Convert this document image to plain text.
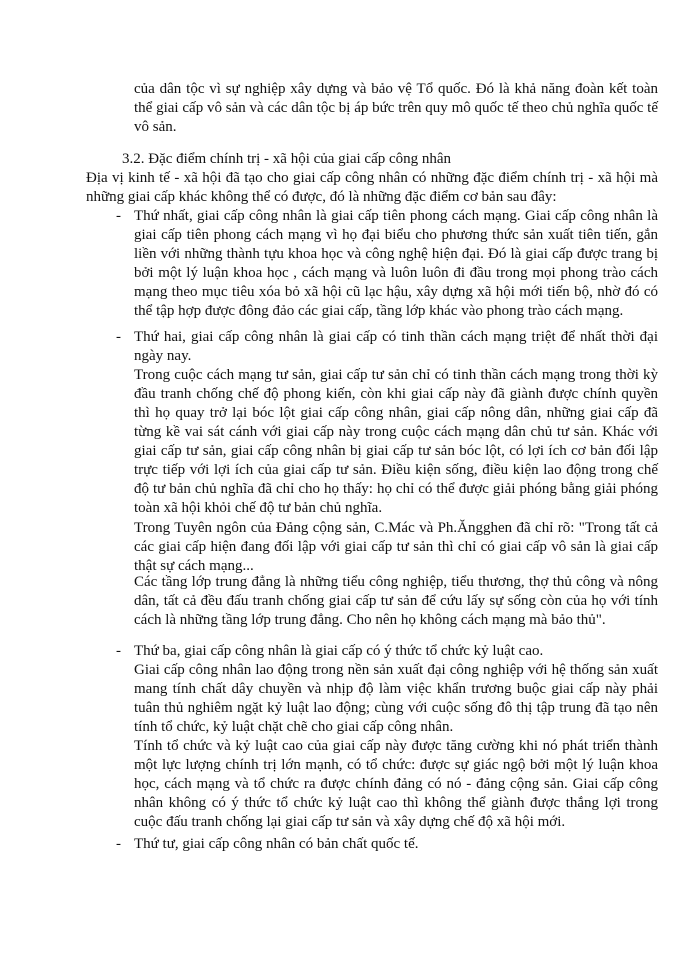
của dân tộc vì sự nghiệp xây dựng và bảo vệ Tổ quốc. Đó là khả năng đoàn kết toàn thể giai cấp vô sản và các dân tộc bị áp bức trên quy mô quốc tế theo chủ nghĩa quốc tế vô sản.

3.2. Đặc điểm chính trị - xã hội của giai cấp công nhân

Địa vị kinh tế - xã hội đã tạo cho giai cấp công nhân có những đặc điểm chính trị - xã hội mà những giai cấp khác không thể có được, đó là những đặc điểm cơ bản sau đây:

- Thứ nhất, giai cấp công nhân là giai cấp tiên phong cách mạng. Giai cấp công nhân là giai cấp tiên phong cách mạng vì họ đại biểu cho phương thức sản xuất tiên tiến, gắn liền với những thành tựu khoa học và công nghệ hiện đại. Đó là giai cấp được trang bị bởi một lý luận khoa học , cách mạng và luôn luôn đi đầu trong mọi phong trào cách mạng theo mục tiêu xóa bỏ xã hội cũ lạc hậu, xây dựng xã hội mới tiến bộ, nhờ đó có thể tập hợp được đông đảo các giai cấp, tầng lớp khác vào phong trào cách mạng.
- Thứ hai, giai cấp công nhân là giai cấp có tinh thần cách mạng triệt để nhất thời đại ngày nay.

Trong cuộc cách mạng tư sản, giai cấp tư sản chỉ có tinh thần cách mạng trong thời kỳ đầu tranh chống chế độ phong kiến, còn khi giai cấp này đã giành được chính quyền thì họ quay trở lại bóc lột giai cấp công nhân, giai cấp nông dân, những giai cấp đã từng kề vai sát cánh với giai cấp này trong cuộc cách mạng dân chủ tư sản. Khác với giai cấp tư sản, giai cấp công nhân bị giai cấp tư sản bóc lột, có lợi ích cơ bản đối lập trực tiếp với lợi ích của giai cấp tư sản. Điều kiện sống, điều kiện lao động trong chế độ tư bản chủ nghĩa đã chỉ cho họ thấy: họ chỉ có thể được giải phóng bằng giải phóng toàn xã hội khỏi chế độ tư bản chủ nghĩa.

Trong Tuyên ngôn của Đảng cộng sản, C.Mác và Ph.Ăngghen đã chỉ rõ: "Trong tất cả các giai cấp hiện đang đối lập với giai cấp tư sản thì chỉ có giai cấp vô sản là giai cấp thật sự cách mạng...

Các tầng lớp trung đẳng là những tiểu công nghiệp, tiểu thương, thợ thủ công và nông dân, tất cả đều đấu tranh chống giai cấp tư sản để cứu lấy sự sống còn của họ với tính cách là những tầng lớp trung đẳng. Cho nên họ không cách mạng mà bảo thủ".

- Thứ ba, giai cấp công nhân là giai cấp có ý thức tổ chức kỷ luật cao.

Giai cấp công nhân lao động trong nền sản xuất đại công nghiệp với hệ thống sản xuất mang tính chất dây chuyền và nhịp độ làm việc khẩn trương buộc giai cấp này phải tuân thủ nghiêm ngặt kỷ luật lao động; cùng với cuộc sống đô thị tập trung đã tạo nên tính tổ chức, kỷ luật chặt chẽ cho giai cấp công nhân.

Tính tổ chức và kỷ luật cao của giai cấp này được tăng cường khi nó phát triển thành một lực lượng chính trị lớn mạnh, có tổ chức: được sự giác ngộ bởi một lý luận khoa học, cách mạng và tổ chức ra được chính đảng có nó - đảng cộng sản. Giai cấp công nhân không có ý thức tổ chức kỷ luật cao thì không thể giành được thắng lợi trong cuộc đấu tranh chống lại giai cấp tư sản và xây dựng chế độ xã hội mới.

- Thứ tư, giai cấp công nhân có bản chất quốc tế.
